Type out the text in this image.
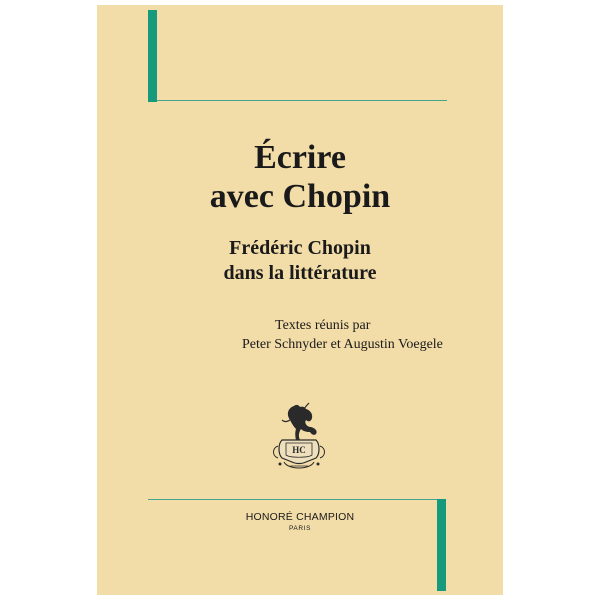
Écrire
avec Chopin
Frédéric Chopin
dans la littérature

Textes réunis par

Peter Schnyder et Augustin Voegele

HC
HONORÉ CHAMPION
PARIS
